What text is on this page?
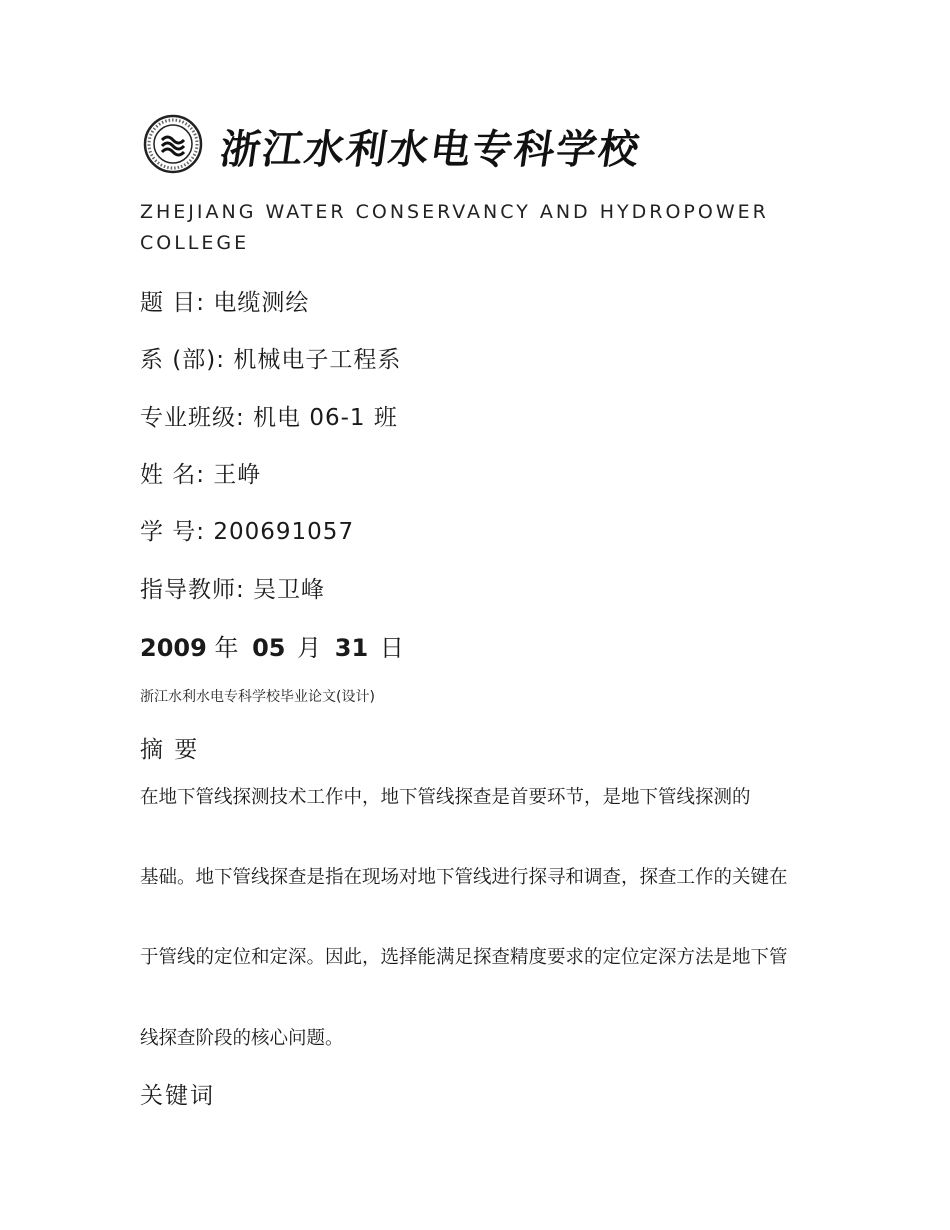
浙江水利水电专科学校
ZHEJIANG WATER CONSERVANCY AND HYDROPOWER COLLEGE
题 目: 电缆测绘
系 (部): 机械电子工程系
专业班级: 机电 06-1 班
姓 名: 王峥
学 号: 200691057
指导教师: 吴卫峰
2009 年 05 月 31 日
浙江水利水电专科学校毕业论文(设计)
摘 要
在地下管线探测技术工作中，地下管线探查是首要环节，是地下管线探测的
基础。地下管线探查是指在现场对地下管线进行探寻和调查，探查工作的关键在
于管线的定位和定深。因此，选择能满足探查精度要求的定位定深方法是地下管
线探查阶段的核心问题。
关键词
